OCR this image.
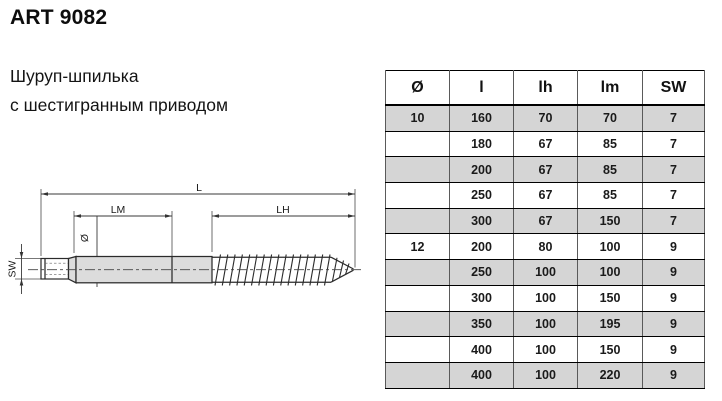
ART 9082
Шуруп-шпилька
с шестигранным приводом
L
LM	LH
Ø
SW
Ø	l	lh	lm	SW
10	160	70	70	7
	180	67	85	7
	200	67	85	7
	250	67	85	7
	300	67	150	7
12	200	80	100	9
	250	100	100	9
	300	100	150	9
	350	100	195	9
	400	100	150	9
	400	100	220	9
